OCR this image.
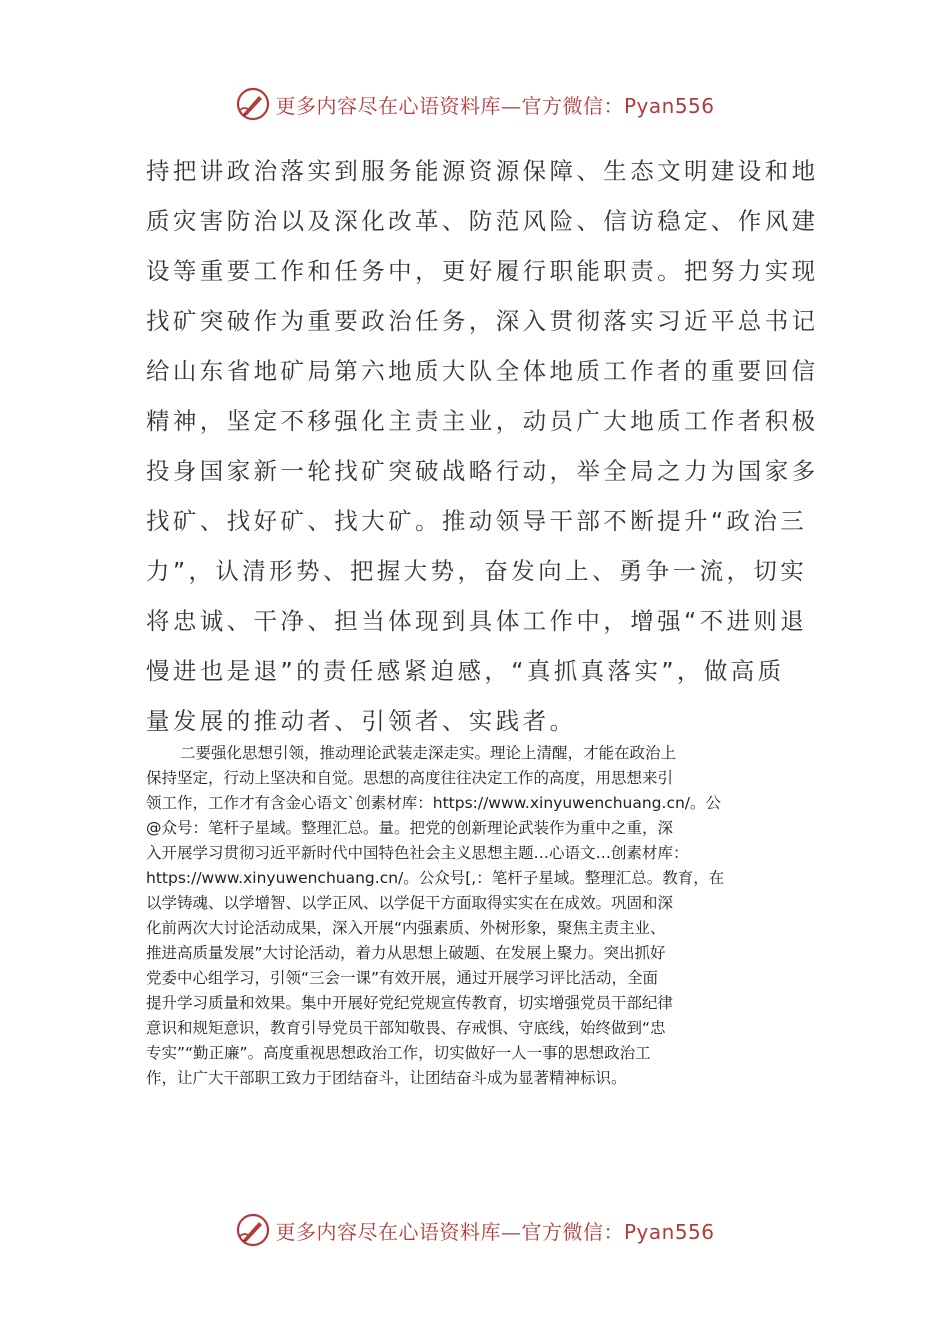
更多内容尽在心语资料库—官方微信：Pyan556
持把讲政治落实到服务能源资源保障、生态文明建设和地
质灾害防治以及深化改革、防范风险、信访稳定、作风建
设等重要工作和任务中，更好履行职能职责。把努力实现
找矿突破作为重要政治任务，深入贯彻落实习近平总书记
给山东省地矿局第六地质大队全体地质工作者的重要回信
精神，坚定不移强化主责主业，动员广大地质工作者积极
投身国家新一轮找矿突破战略行动，举全局之力为国家多
找矿、找好矿、找大矿。推动领导干部不断提升“政治三
力”，认清形势、把握大势，奋发向上、勇争一流，切实
将忠诚、干净、担当体现到具体工作中，增强“不进则退
慢进也是退”的责任感紧迫感，“真抓真落实”，做高质
量发展的推动者、引领者、实践者。
二要强化思想引领，推动理论武装走深走实。理论上清醒，才能在政治上
保持坚定，行动上坚决和自觉。思想的高度往往决定工作的高度，用思想来引
领工作，工作才有含金心语文`创素材库：https://www.xinyuwenchuang.cn/。公
@众号：笔杆子星域。整理汇总。量。把党的创新理论武装作为重中之重，深
入开展学习贯彻习近平新时代中国特色社会主义思想主题…心语文…创素材库：
https://www.xinyuwenchuang.cn/。公众号[,：笔杆子星域。整理汇总。教育，在
以学铸魂、以学增智、以学正风、以学促干方面取得实实在在成效。巩固和深
化前两次大讨论活动成果，深入开展“内强素质、外树形象，聚焦主责主业、
推进高质量发展”大讨论活动，着力从思想上破题、在发展上聚力。突出抓好
党委中心组学习，引领“三会一课”有效开展，通过开展学习评比活动，全面
提升学习质量和效果。集中开展好党纪党规宣传教育，切实增强党员干部纪律
意识和规矩意识，教育引导党员干部知敬畏、存戒惧、守底线，始终做到“忠
专实”“勤正廉”。高度重视思想政治工作，切实做好一人一事的思想政治工
作，让广大干部职工致力于团结奋斗，让团结奋斗成为显著精神标识。
更多内容尽在心语资料库—官方微信：Pyan556
